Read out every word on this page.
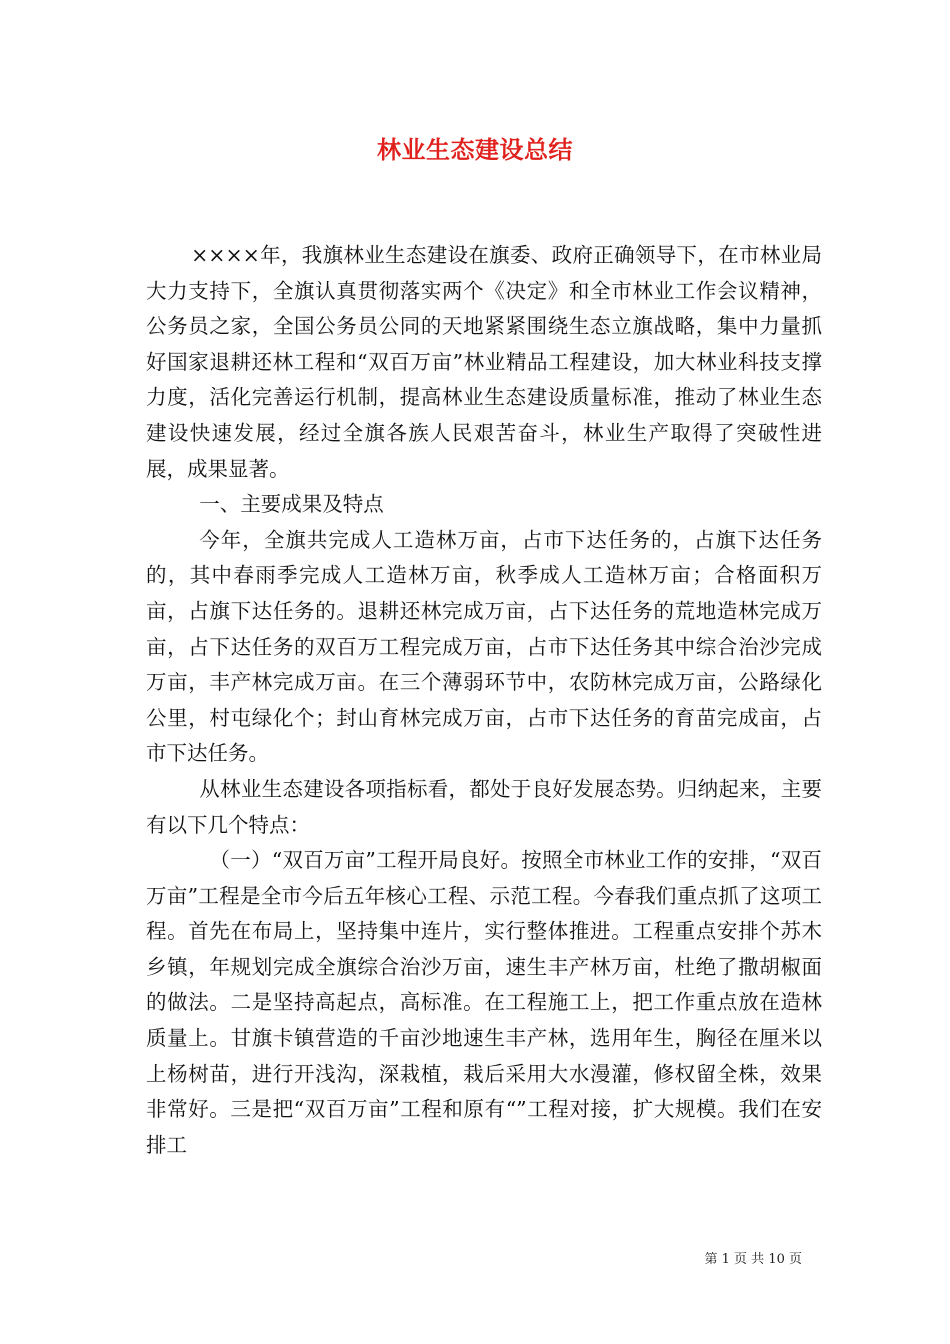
林业生态建设总结

××××年，我旗林业生态建设在旗委、政府正确领导下，在市林业局大力支持下，全旗认真贯彻落实两个《决定》和全市林业工作会议精神，公务员之家，全国公务员公同的天地紧紧围绕生态立旗战略，集中力量抓好国家退耕还林工程和“双百万亩”林业精品工程建设，加大林业科技支撑力度，活化完善运行机制，提高林业生态建设质量标准，推动了林业生态建设快速发展，经过全旗各族人民艰苦奋斗，林业生产取得了突破性进展，成果显著。

一、主要成果及特点

今年，全旗共完成人工造林万亩，占市下达任务的，占旗下达任务的，其中春雨季完成人工造林万亩，秋季成人工造林万亩；合格面积万亩，占旗下达任务的。退耕还林完成万亩，占下达任务的荒地造林完成万亩，占下达任务的双百万工程完成万亩，占市下达任务其中综合治沙完成万亩，丰产林完成万亩。在三个薄弱环节中，农防林完成万亩，公路绿化公里，村屯绿化个；封山育林完成万亩，占市下达任务的育苗完成亩，占市下达任务。

从林业生态建设各项指标看，都处于良好发展态势。归纳起来，主要有以下几个特点：

（一）“双百万亩”工程开局良好。按照全市林业工作的安排，“双百万亩”工程是全市今后五年核心工程、示范工程。今春我们重点抓了这项工程。首先在布局上，坚持集中连片，实行整体推进。工程重点安排个苏木乡镇，年规划完成全旗综合治沙万亩，速生丰产林万亩，杜绝了撒胡椒面的做法。二是坚持高起点，高标准。在工程施工上，把工作重点放在造林质量上。甘旗卡镇营造的千亩沙地速生丰产林，选用年生，胸径在厘米以上杨树苗，进行开浅沟，深栽植，栽后采用大水漫灌，修权留全株，效果非常好。三是把“双百万亩”工程和原有“”工程对接，扩大规模。我们在安排工

第 1 页 共 10 页
